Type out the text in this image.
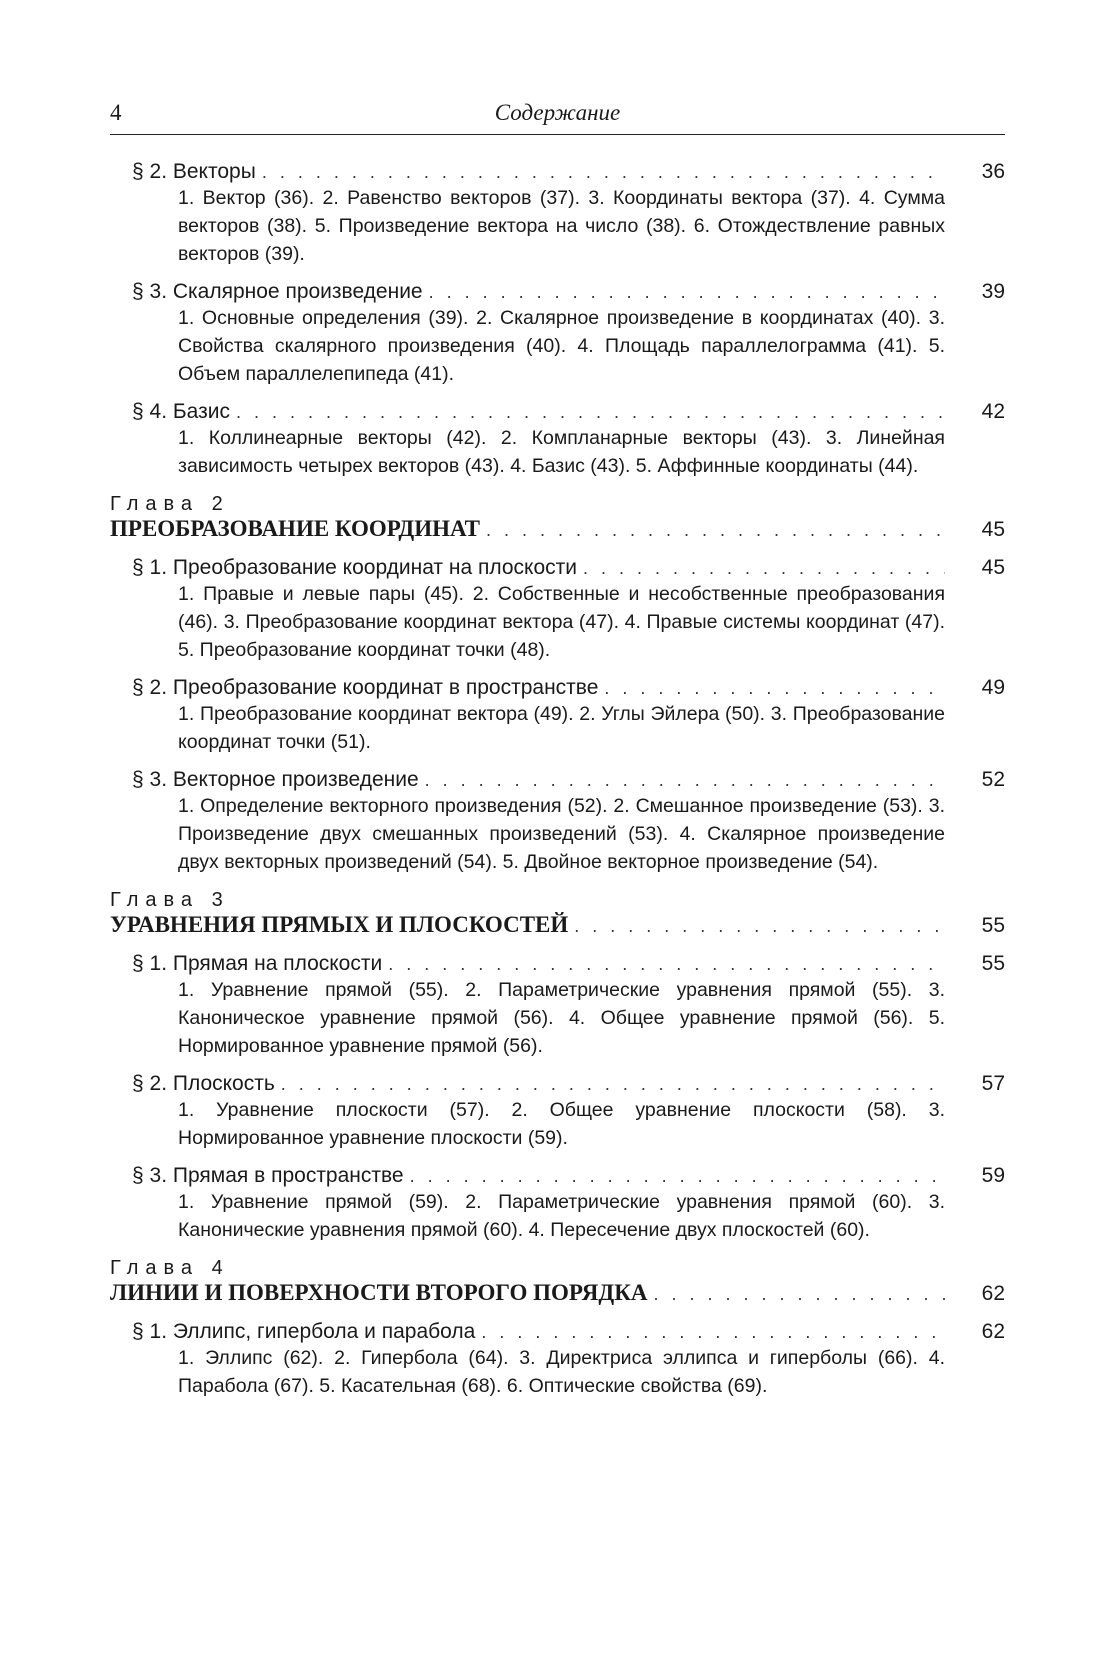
4	Содержание
§ 2. Векторы . . .	36
1. Вектор (36). 2. Равенство векторов (37). 3. Координаты вектора (37). 4. Сумма векторов (38). 5. Произведение вектора на число (38). 6. Отождествление равных векторов (39).
§ 3. Скалярное произведение . . .	39
1. Основные определения (39). 2. Скалярное произведение в координатах (40). 3. Свойства скалярного произведения (40). 4. Площадь параллелограмма (41). 5. Объем параллелепипеда (41).
§ 4. Базис . . .	42
1. Коллинеарные векторы (42). 2. Компланарные векторы (43). 3. Линейная зависимость четырех векторов (43). 4. Базис (43). 5. Аффинные координаты (44).
Глава 2
ПРЕОБРАЗОВАНИЕ КООРДИНАТ . . .	45
§ 1. Преобразование координат на плоскости . . .	45
1. Правые и левые пары (45). 2. Собственные и несобственные преобразования (46). 3. Преобразование координат вектора (47). 4. Правые системы координат (47). 5. Преобразование координат точки (48).
§ 2. Преобразование координат в пространстве . . .	49
1. Преобразование координат вектора (49). 2. Углы Эйлера (50). 3. Преобразование координат точки (51).
§ 3. Векторное произведение . . .	52
1. Определение векторного произведения (52). 2. Смешанное произведение (53). 3. Произведение двух смешанных произведений (53). 4. Скалярное произведение двух векторных произведений (54). 5. Двойное векторное произведение (54).
Глава 3
УРАВНЕНИЯ ПРЯМЫХ И ПЛОСКОСТЕЙ . . .	55
§ 1. Прямая на плоскости . . .	55
1. Уравнение прямой (55). 2. Параметрические уравнения прямой (55). 3. Каноническое уравнение прямой (56). 4. Общее уравнение прямой (56). 5. Нормированное уравнение прямой (56).
§ 2. Плоскость . . .	57
1. Уравнение плоскости (57). 2. Общее уравнение плоскости (58). 3. Нормированное уравнение плоскости (59).
§ 3. Прямая в пространстве . . .	59
1. Уравнение прямой (59). 2. Параметрические уравнения прямой (60). 3. Канонические уравнения прямой (60). 4. Пересечение двух плоскостей (60).
Глава 4
ЛИНИИ И ПОВЕРХНОСТИ ВТОРОГО ПОРЯДКА . . .	62
§ 1. Эллипс, гипербола и парабола . . .	62
1. Эллипс (62). 2. Гипербола (64). 3. Директриса эллипса и гиперболы (66). 4. Парабола (67). 5. Касательная (68). 6. Оптические свойства (69).
